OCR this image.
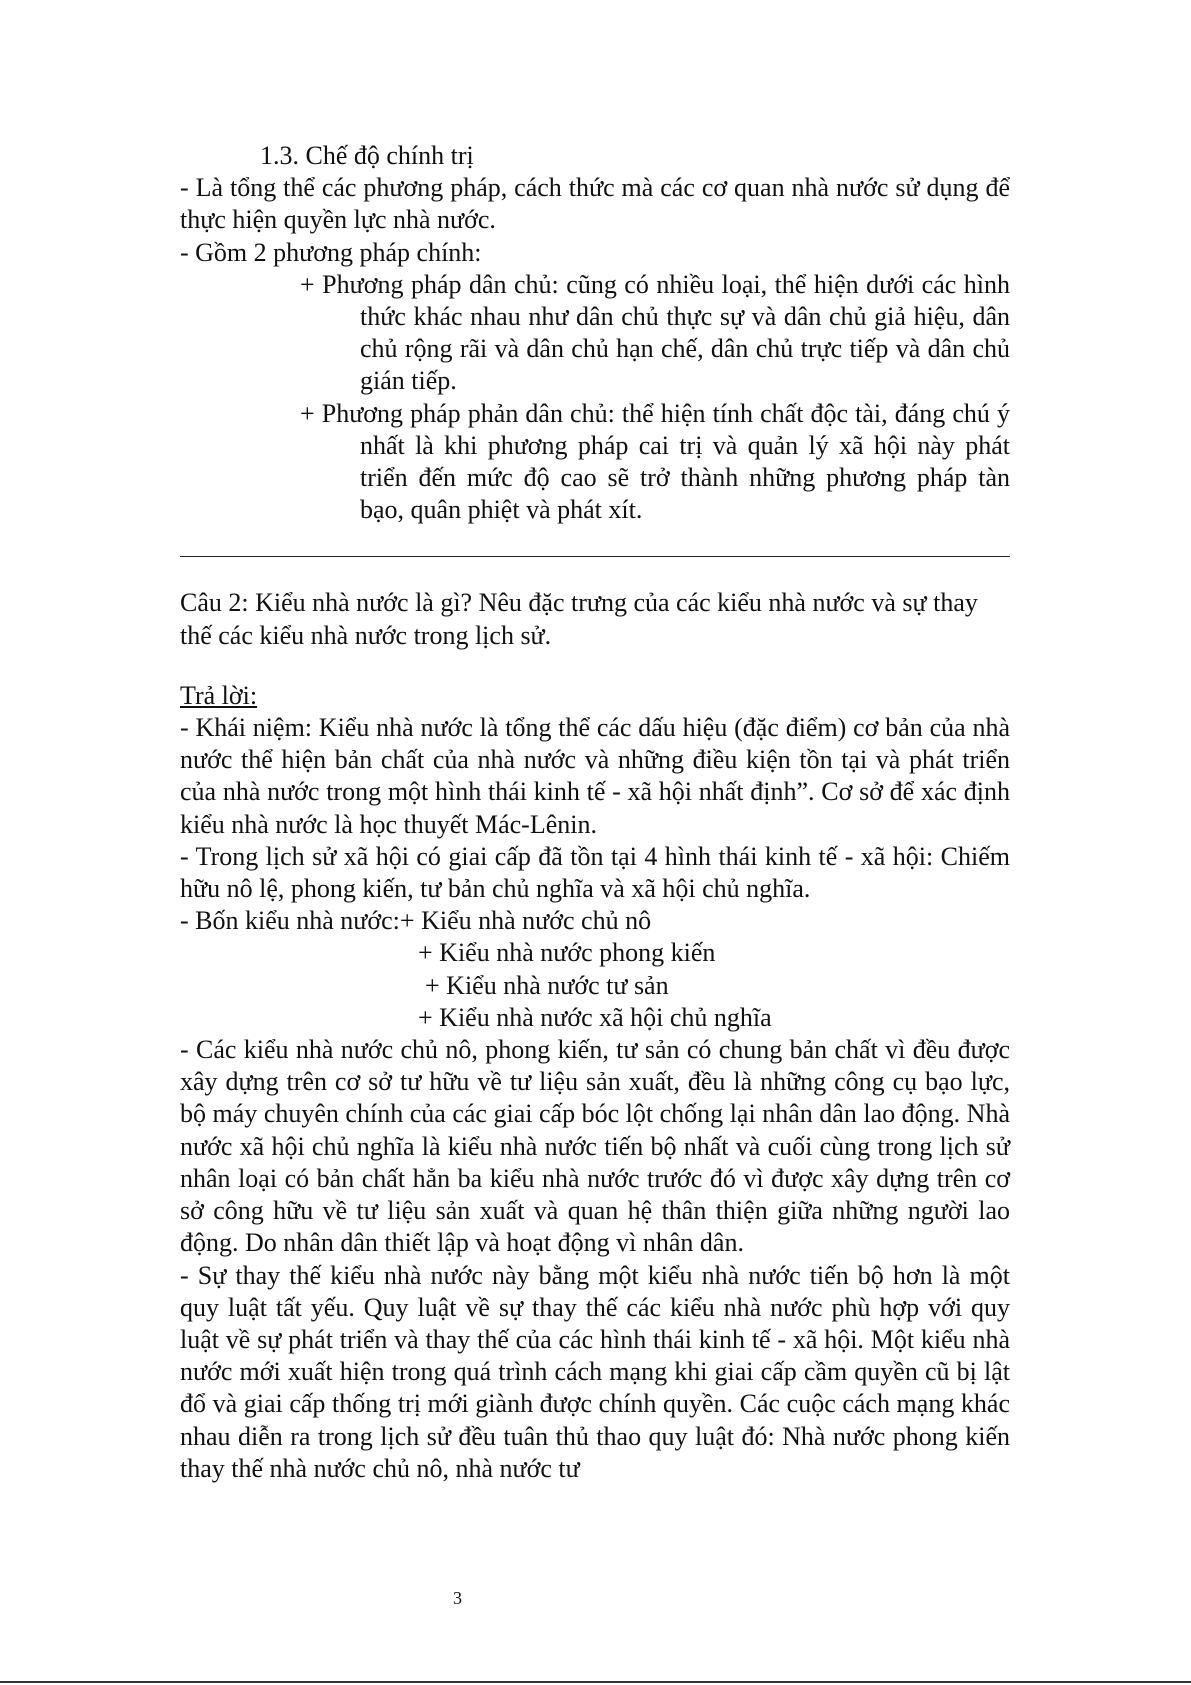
1.3. Chế độ chính trị

- Là tổng thể các phương pháp, cách thức mà các cơ quan nhà nước sử dụng để thực hiện quyền lực nhà nước.

- Gồm 2 phương pháp chính:

+ Phương pháp dân chủ: cũng có nhiều loại, thể hiện dưới các hình thức khác nhau như dân chủ thực sự và dân chủ giả hiệu, dân chủ rộng rãi và dân chủ hạn chế, dân chủ trực tiếp và dân chủ gián tiếp.

+ Phương pháp phản dân chủ: thể hiện tính chất độc tài, đáng chú ý nhất là khi phương pháp cai trị và quản lý xã hội này phát triển đến mức độ cao sẽ trở thành những phương pháp tàn bạo, quân phiệt và phát xít.

Câu 2: Kiểu nhà nước là gì? Nêu đặc trưng của các kiểu nhà nước và sự thay thế các kiểu nhà nước trong lịch sử.

Trả lời:

- Khái niệm: Kiểu nhà nước là tổng thể các dấu hiệu (đặc điểm) cơ bản của nhà nước thể hiện bản chất của nhà nước và những điều kiện tồn tại và phát triển của nhà nước trong một hình thái kinh tế - xã hội nhất định”. Cơ sở để xác định kiểu nhà nước là học thuyết Mác-Lênin.

- Trong lịch sử xã hội có giai cấp đã tồn tại 4 hình thái kinh tế - xã hội: Chiếm hữu nô lệ, phong kiến, tư bản chủ nghĩa và xã hội chủ nghĩa.

- Bốn kiểu nhà nước:+ Kiểu nhà nước chủ nô

+ Kiểu nhà nước phong kiến

+ Kiểu nhà nước tư sản

+ Kiểu nhà nước xã hội chủ nghĩa

- Các kiểu nhà nước chủ nô, phong kiến, tư sản có chung bản chất vì đều được xây dựng trên cơ sở tư hữu về tư liệu sản xuất, đều là những công cụ bạo lực, bộ máy chuyên chính của các giai cấp bóc lột chống lại nhân dân lao động. Nhà nước xã hội chủ nghĩa là kiểu nhà nước tiến bộ nhất và cuối cùng trong lịch sử nhân loại có bản chất hẳn ba kiểu nhà nước trước đó vì được xây dựng trên cơ sở công hữu về tư liệu sản xuất và quan hệ thân thiện giữa những người lao động. Do nhân dân thiết lập và hoạt động vì nhân dân.

- Sự thay thế kiểu nhà nước này bằng một kiểu nhà nước tiến bộ hơn là một quy luật tất yếu. Quy luật về sự thay thế các kiểu nhà nước phù hợp với quy luật về sự phát triển và thay thế của các hình thái kinh tế - xã hội. Một kiểu nhà nước mới xuất hiện trong quá trình cách mạng khi giai cấp cầm quyền cũ bị lật đổ và giai cấp thống trị mới giành được chính quyền. Các cuộc cách mạng khác nhau diễn ra trong lịch sử đều tuân thủ thao quy luật đó: Nhà nước phong kiến thay thế nhà nước chủ nô, nhà nước tư

3
